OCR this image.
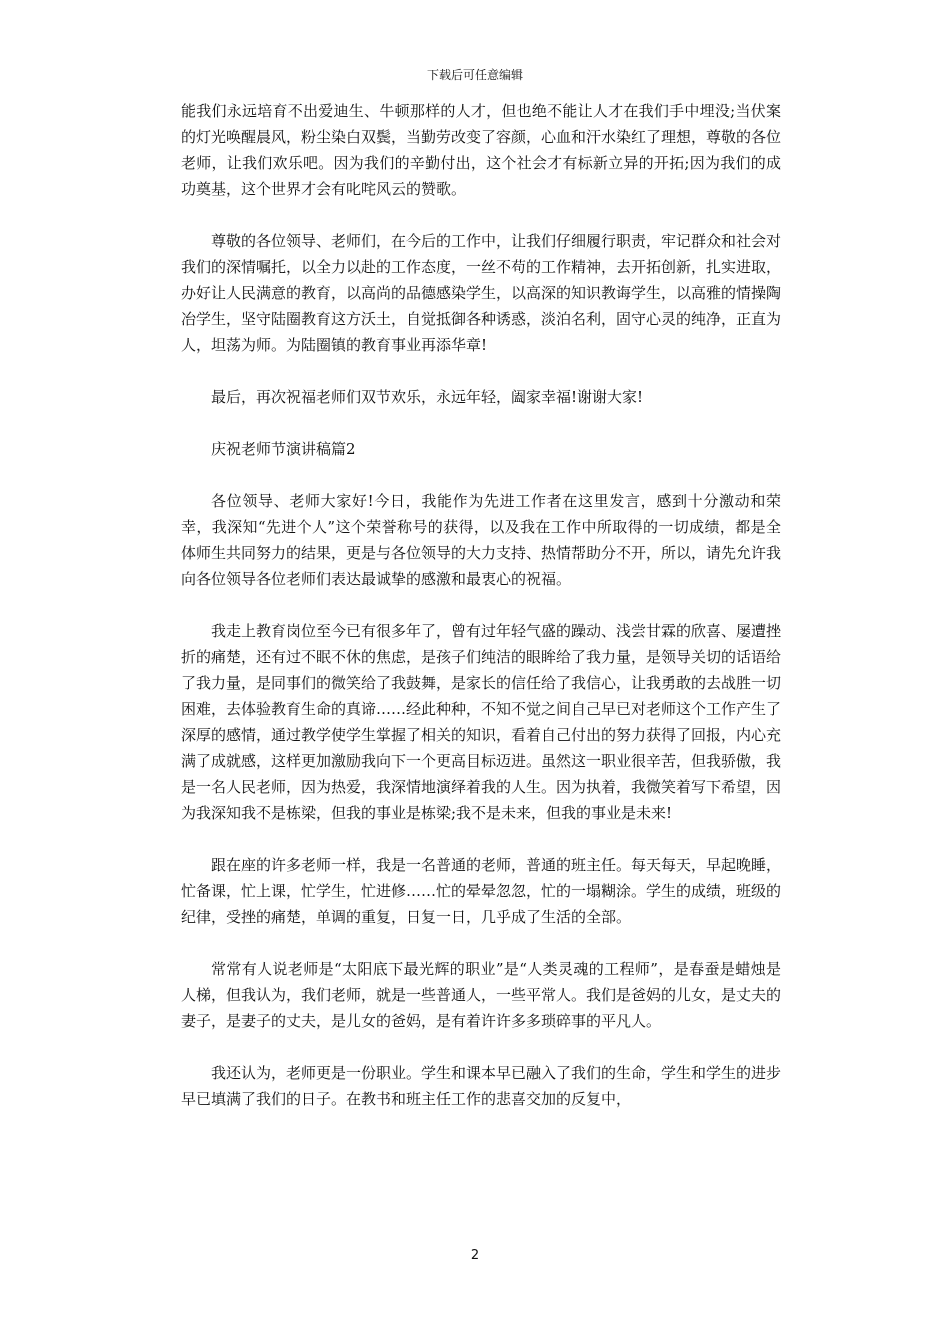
下载后可任意编辑

能我们永远培育不出爱迪生、牛顿那样的人才，但也绝不能让人才在我们手中埋没;当伏案的灯光唤醒晨风，粉尘染白双鬓，当勤劳改变了容颜，心血和汗水染红了理想，尊敬的各位老师，让我们欢乐吧。因为我们的辛勤付出，这个社会才有标新立异的开拓;因为我们的成功奠基，这个世界才会有叱咤风云的赞歌。

尊敬的各位领导、老师们，在今后的工作中，让我们仔细履行职责，牢记群众和社会对我们的深情嘱托，以全力以赴的工作态度，一丝不苟的工作精神，去开拓创新，扎实进取，办好让人民满意的教育，以高尚的品德感染学生，以高深的知识教诲学生，以高雅的情操陶冶学生，坚守陆圈教育这方沃土，自觉抵御各种诱惑，淡泊名利，固守心灵的纯净，正直为人，坦荡为师。为陆圈镇的教育事业再添华章!

最后，再次祝福老师们双节欢乐，永远年轻，阖家幸福!谢谢大家!

庆祝老师节演讲稿篇2

各位领导、老师大家好!今日，我能作为先进工作者在这里发言，感到十分激动和荣幸，我深知“先进个人”这个荣誉称号的获得，以及我在工作中所取得的一切成绩，都是全体师生共同努力的结果，更是与各位领导的大力支持、热情帮助分不开，所以，请先允许我向各位领导各位老师们表达最诚挚的感激和最衷心的祝福。

我走上教育岗位至今已有很多年了，曾有过年轻气盛的躁动、浅尝甘霖的欣喜、屡遭挫折的痛楚，还有过不眠不休的焦虑，是孩子们纯洁的眼眸给了我力量，是领导关切的话语给了我力量，是同事们的微笑给了我鼓舞，是家长的信任给了我信心，让我勇敢的去战胜一切困难，去体验教育生命的真谛……经此种种，不知不觉之间自己早已对老师这个工作产生了深厚的感情，通过教学使学生掌握了相关的知识，看着自己付出的努力获得了回报，内心充满了成就感，这样更加激励我向下一个更高目标迈进。虽然这一职业很辛苦，但我骄傲，我是一名人民老师，因为热爱，我深情地演绎着我的人生。因为执着，我微笑着写下希望，因为我深知我不是栋梁，但我的事业是栋梁;我不是未来，但我的事业是未来!

跟在座的许多老师一样，我是一名普通的老师，普通的班主任。每天每天，早起晚睡，忙备课，忙上课，忙学生，忙进修……忙的晕晕忽忽，忙的一塌糊涂。学生的成绩，班级的纪律，受挫的痛楚，单调的重复，日复一日，几乎成了生活的全部。

常常有人说老师是“太阳底下最光辉的职业”是“人类灵魂的工程师”，是春蚕是蜡烛是人梯，但我认为，我们老师，就是一些普通人，一些平常人。我们是爸妈的儿女，是丈夫的妻子，是妻子的丈夫，是儿女的爸妈，是有着许许多多琐碎事的平凡人。

我还认为，老师更是一份职业。学生和课本早已融入了我们的生命，学生和学生的进步早已填满了我们的日子。在教书和班主任工作的悲喜交加的反复中，

2
